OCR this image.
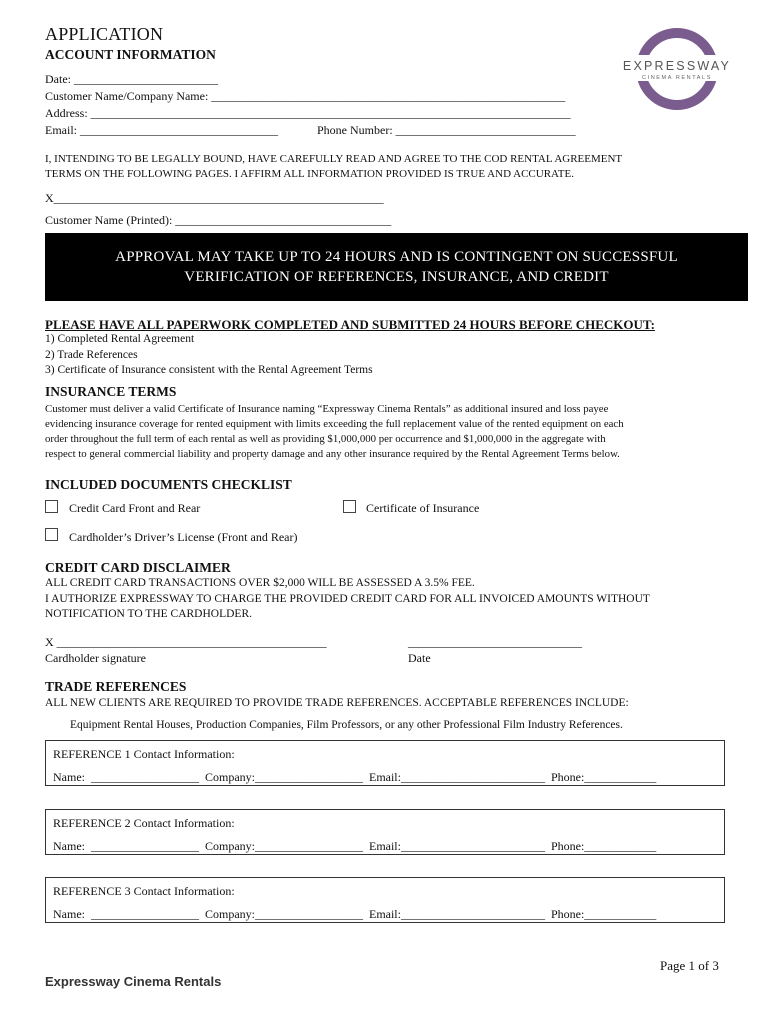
APPLICATION
ACCOUNT INFORMATION
Date: ________________________
Customer Name/Company Name: ___________________________________________________________
Address: ________________________________________________________________________________
Email: _________________________________	Phone Number: ______________________________
EXPRESSWAY
CINEMA RENTALS
I, INTENDING TO BE LEGALLY BOUND, HAVE CAREFULLY READ AND AGREE TO THE COD RENTAL AGREEMENT
TERMS ON THE FOLLOWING PAGES. I AFFIRM ALL INFORMATION PROVIDED IS TRUE AND ACCURATE.
X_______________________________________________________
Customer Name (Printed): ____________________________________
APPROVAL MAY TAKE UP TO 24 HOURS AND IS CONTINGENT ON SUCCESSFUL
VERIFICATION OF REFERENCES, INSURANCE, AND CREDIT
PLEASE HAVE ALL PAPERWORK COMPLETED AND SUBMITTED 24 HOURS BEFORE CHECKOUT:
1) Completed Rental Agreement
2) Trade References
3) Certificate of Insurance consistent with the Rental Agreement Terms
INSURANCE TERMS
Customer must deliver a valid Certificate of Insurance naming “Expressway Cinema Rentals” as additional insured and loss payee
evidencing insurance coverage for rented equipment with limits exceeding the full replacement value of the rented equipment on each
order throughout the full term of each rental as well as providing $1,000,000 per occurrence and $1,000,000 in the aggregate with
respect to general commercial liability and property damage and any other insurance required by the Rental Agreement Terms below.
INCLUDED DOCUMENTS CHECKLIST
Credit Card Front and Rear	Certificate of Insurance
Cardholder’s Driver’s License (Front and Rear)
CREDIT CARD DISCLAIMER
ALL CREDIT CARD TRANSACTIONS OVER $2,000 WILL BE ASSESSED A 3.5% FEE.
I AUTHORIZE EXPRESSWAY TO CHARGE THE PROVIDED CREDIT CARD FOR ALL INVOICED AMOUNTS WITHOUT
NOTIFICATION TO THE CARDHOLDER.
X _____________________________________________	_____________________________
Cardholder signature	Date
TRADE REFERENCES
ALL NEW CLIENTS ARE REQUIRED TO PROVIDE TRADE REFERENCES. ACCEPTABLE REFERENCES INCLUDE:
Equipment Rental Houses, Production Companies, Film Professors, or any other Professional Film Industry References.
REFERENCE 1 Contact Information:
Name:  __________________  Company:__________________  Email:________________________  Phone:____________
REFERENCE 2 Contact Information:
Name:  __________________  Company:__________________  Email:________________________  Phone:____________
REFERENCE 3 Contact Information:
Name:  __________________  Company:__________________  Email:________________________  Phone:____________
Page 1 of 3
Expressway Cinema Rentals
